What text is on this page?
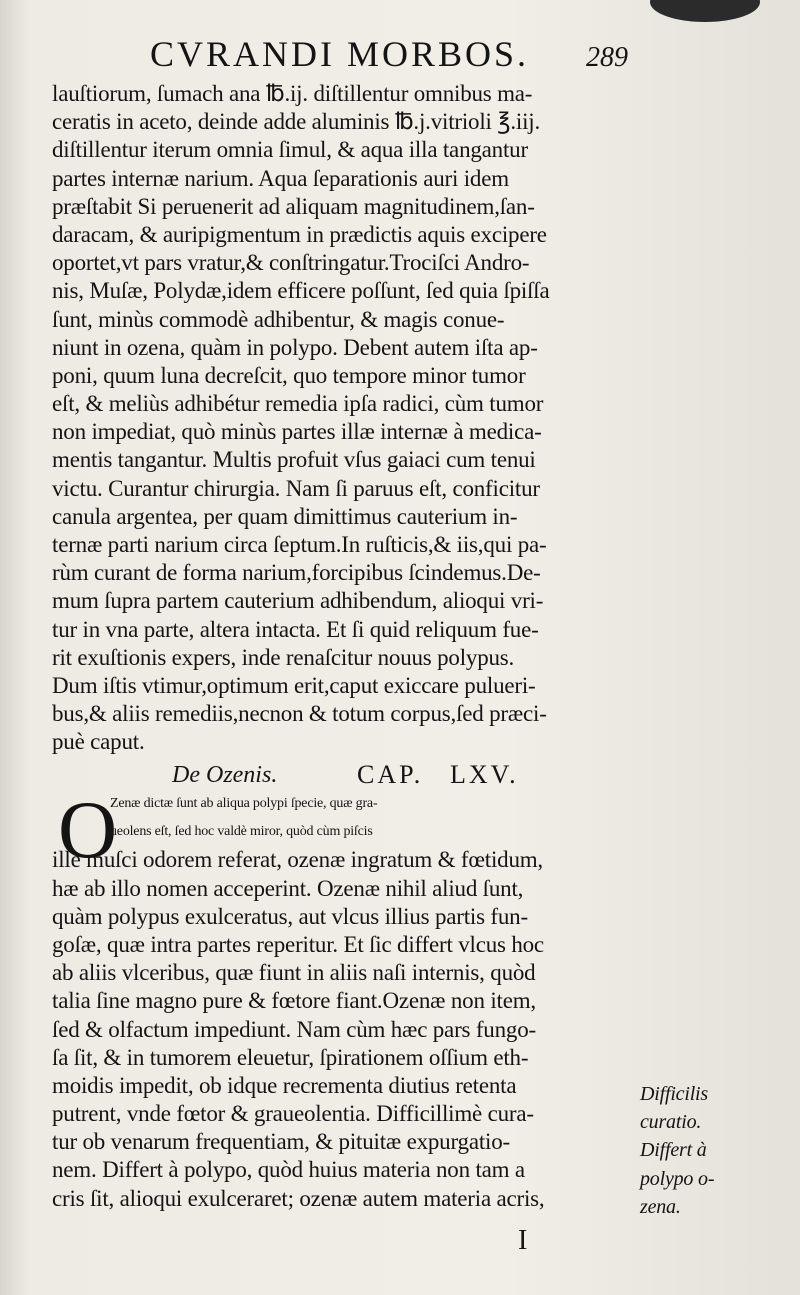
CVRANDI MORBOS.	289
lauſtiorum, ſumach ana ℔.ij. diſtillentur omnibus ma-
ceratis in aceto, deinde adde aluminis ℔.j.vitrioli ℥.iij.
diſtillentur iterum omnia ſimul, & aqua illa tangantur
partes internæ narium. Aqua ſeparationis auri idem
præſtabit Si peruenerit ad aliquam magnitudinem,ſan-
daracam, & auripigmentum in prædictis aquis excipere
oportet,vt pars vratur,& conſtringatur.Trociſci Andro-
nis, Muſæ, Polydæ,idem efficere poſſunt, ſed quia ſpiſſa
ſunt, minùs commodè adhibentur, & magis conue-
niunt in ozena, quàm in polypo. Debent autem iſta ap-
poni, quum luna decreſcit, quo tempore minor tumor
eſt, & meliùs adhibétur remedia ipſa radici, cùm tumor
non impediat, quò minùs partes illæ internæ à medica-
mentis tangantur. Multis profuit vſus gaiaci cum tenui
victu. Curantur chirurgia. Nam ſi paruus eſt, conficitur
canula argentea, per quam dimittimus cauterium in-
ternæ parti narium circa ſeptum.In ruſticis,& iis,qui pa-
rùm curant de forma narium,forcipibus ſcindemus.De-
mum ſupra partem cauterium adhibendum, alioqui vri-
tur in vna parte, altera intacta. Et ſi quid reliquum fue-
rit exuſtionis expers, inde renaſcitur nouus polypus.
Dum iſtis vtimur,optimum erit,caput exiccare pulueri-
bus,& aliis remediis,necnon & totum corpus,ſed præci-
puè caput.
De Ozenis.	CAP. LXV.
O
Zenæ dictæ ſunt ab aliqua polypi ſpecie, quæ gra-
ueolens eſt, ſed hoc valdè miror, quòd cùm piſcis
ille muſci odorem referat, ozenæ ingratum & fœtidum,
hæ ab illo nomen acceperint. Ozenæ nihil aliud ſunt,
quàm polypus exulceratus, aut vlcus illius partis fun-
goſæ, quæ intra partes reperitur. Et ſic differt vlcus hoc
ab aliis vlceribus, quæ fiunt in aliis naſi internis, quòd
talia ſine magno pure & fœtore fiant.Ozenæ non item,
ſed & olfactum impediunt. Nam cùm hæc pars fungo-
ſa ſit, & in tumorem eleuetur, ſpirationem oſſium eth-
moidis impedit, ob idque recrementa diutius retenta
putrent, vnde fœtor & graueolentia. Difficillimè cura-
tur ob venarum frequentiam, & pituitæ expurgatio-
nem. Differt à polypo, quòd huius materia non tam a
cris ſit, alioqui exulceraret; ozenæ autem materia acris,
Difficilis
curatio.
Differt à
polypo o-
zena.
I
